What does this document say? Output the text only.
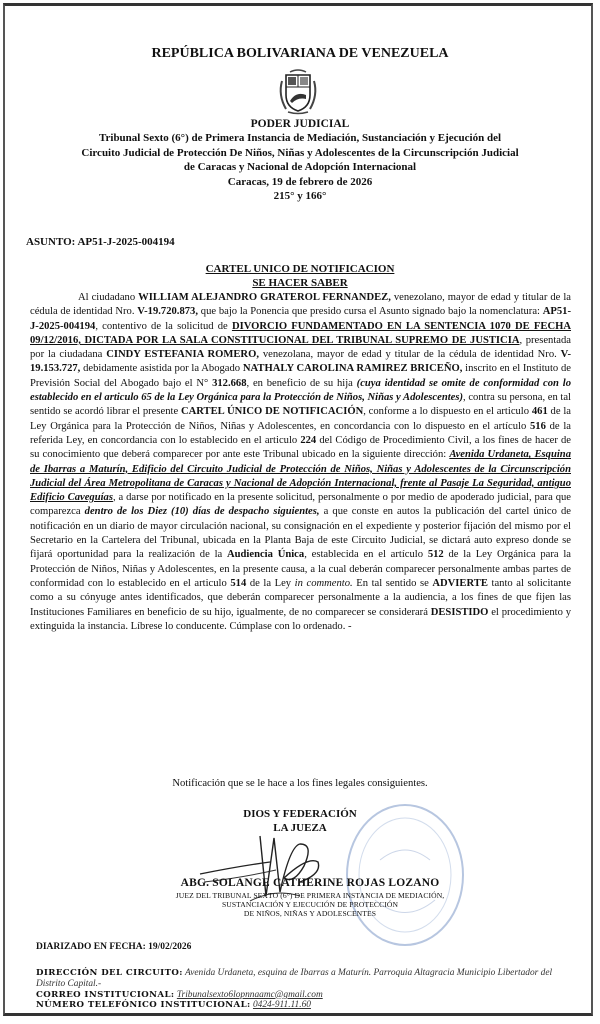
REPÚBLICA BOLIVARIANA DE VENEZUELA
PODER JUDICIAL
Tribunal Sexto (6°) de Primera Instancia de Mediación, Sustanciación y Ejecución del
Circuito Judicial de Protección De Niños, Niñas y Adolescentes de la Circunscripción Judicial
de Caracas y Nacional de Adopción Internacional
Caracas, 19 de febrero de 2026
215° y 166°
ASUNTO: AP51-J-2025-004194
CARTEL UNICO DE NOTIFICACION
SE HACER SABER

Al ciudadano WILLIAM ALEJANDRO GRATEROL FERNANDEZ, venezolano, mayor de edad y titular de la cédula de identidad Nro. V-19.720.873, que bajo la Ponencia que presido cursa el Asunto signado bajo la nomenclatura: AP51-J-2025-004194, contentivo de la solicitud de DIVORCIO FUNDAMENTADO EN LA SENTENCIA 1070 DE FECHA 09/12/2016, DICTADA POR LA SALA CONSTITUCIONAL DEL TRIBUNAL SUPREMO DE JUSTICIA, presentada por la ciudadana CINDY ESTEFANIA ROMERO, venezolana, mayor de edad y titular de la cédula de identidad Nro. V-19.153.727, debidamente asistida por la Abogado NATHALY CAROLINA RAMIREZ BRICEÑO, inscrito en el Instituto de Previsión Social del Abogado bajo el N° 312.668, en beneficio de su hija (cuya identidad se omite de conformidad con lo establecido en el articulo 65 de la Ley Orgánica para la Protección de Niños, Niñas y Adolescentes), contra su persona, en tal sentido se acordó librar el presente CARTEL ÚNICO DE NOTIFICACIÓN, conforme a lo dispuesto en el articulo 461 de la Ley Orgánica para la Protección de Niños, Niñas y Adolescentes, en concordancia con lo dispuesto en el artículo 516 de la referida Ley, en concordancia con lo establecido en el articulo 224 del Código de Procedimiento Civil, a los fines de hacer de su conocimiento que deberá comparecer por ante este Tribunal ubicado en la siguiente dirección: Avenida Urdaneta, Esquina de Ibarras a Maturín, Edificio del Circuito Judicial de Protección de Niños, Niñas y Adolescentes de la Circunscripción Judicial del Área Metropolitana de Caracas y Nacional de Adopción Internacional, frente al Pasaje La Seguridad, antiguo Edificio Caveguías, a darse por notificado en la presente solicitud, personalmente o por medio de apoderado judicial, para que comparezca dentro de los Diez (10) días de despacho siguientes, a que conste en autos la publicación del cartel único de notificación en un diario de mayor circulación nacional, su consignación en el expediente y posterior fijación del mismo por el Secretario en la Cartelera del Tribunal, ubicada en la Planta Baja de este Circuito Judicial, se dictará auto expreso donde se fijará oportunidad para la realización de la Audiencia Única, establecida en el artículo 512 de la Ley Orgánica para la Protección de Niños, Niñas y Adolescentes, en la presente causa, a la cual deberán comparecer personalmente ambas partes de conformidad con lo establecido en el articulo 514 de la Ley in commento. En tal sentido se ADVIERTE tanto al solicitante como a su cónyuge antes identificados, que deberán comparecer personalmente a la audiencia, a los fines de que fijen las Instituciones Familiares en beneficio de su hijo, igualmente, de no comparecer se considerará DESISTIDO el procedimiento y extinguida la instancia. Líbrese lo conducente. Cúmplase con lo ordenado. -

Notificación que se le hace a los fines legales consiguientes.
DIOS Y FEDERACIÓN
LA JUEZA
ABG. SOLANGE CATHERINE ROJAS LOZANO
JUEZ DEL TRIBUNAL SEXTO (6°) DE PRIMERA INSTANCIA DE MEDIACIÓN,
SUSTANCIACIÓN Y EJECUCIÓN DE PROTECCIÓN
DE NIÑOS, NIÑAS Y ADOLESCENTES
DIARIZADO EN FECHA: 19/02/2026
DIRECCIÓN DEL CIRCUITO: Avenida Urdaneta, esquina de Ibarras a Maturín. Parroquia Altagracia Municipio Libertador del Distrito Capital.-
CORREO INSTITUCIONAL: Tribunalsexto6lopnnaamc@gmail.com
NÚMERO TELEFÓNICO INSTITUCIONAL: 0424-911.11.60
